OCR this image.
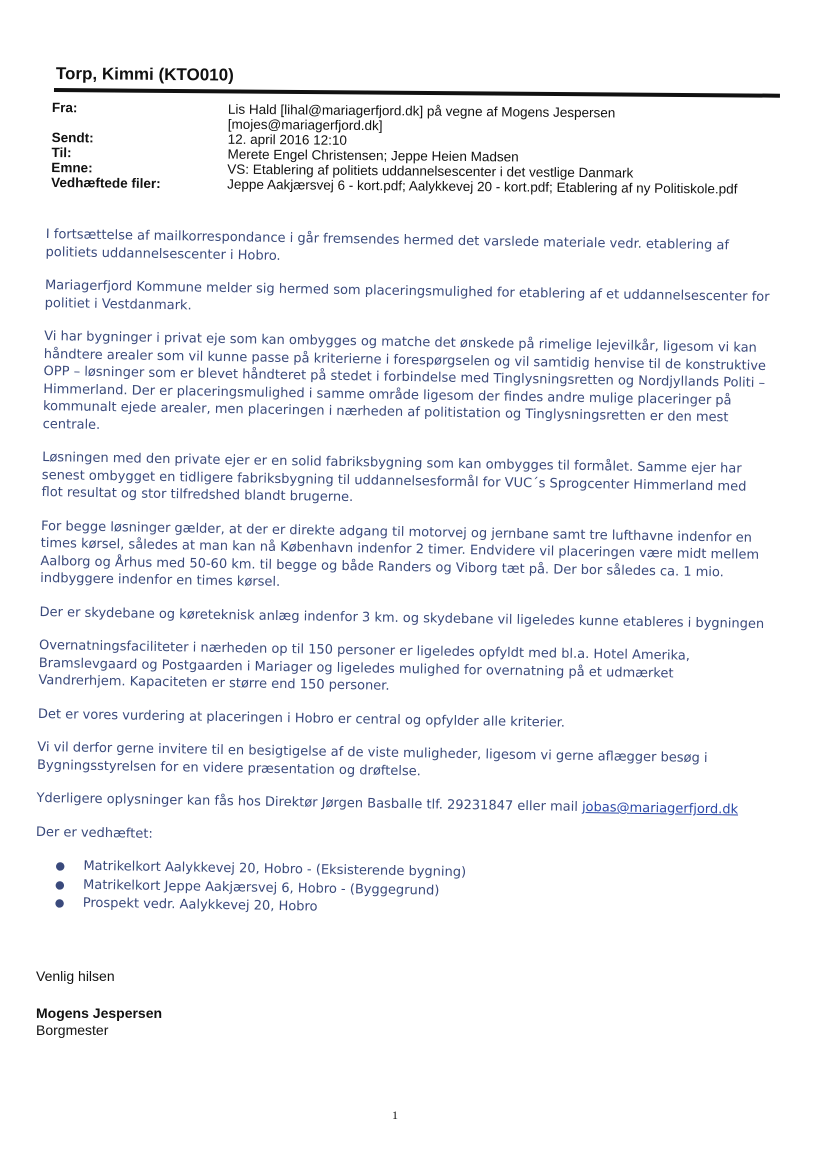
Torp, Kimmi (KTO010)
Fra:	Lis Hald [lihal@mariagerfjord.dk] på vegne af Mogens Jespersen
[mojes@mariagerfjord.dk]
Sendt:	12. april 2016 12:10
Til:	Merete Engel Christensen; Jeppe Heien Madsen
Emne:	VS: Etablering af politiets uddannelsescenter i det vestlige Danmark
Vedhæftede filer:	Jeppe Aakjærsvej 6 - kort.pdf; Aalykkevej 20 - kort.pdf; Etablering af ny Politiskole.pdf

I fortsættelse af mailkorrespondance i går fremsendes hermed det varslede materiale vedr. etablering af politiets uddannelsescenter i Hobro.

Mariagerfjord Kommune melder sig hermed som placeringsmulighed for etablering af et uddannelsescenter for politiet i Vestdanmark.

Vi har bygninger i privat eje som kan ombygges og matche det ønskede på rimelige lejevilkår, ligesom vi kan håndtere arealer som vil kunne passe på kriterierne i forespørgselen og vil samtidig henvise til de konstruktive OPP – løsninger som er blevet håndteret på stedet i forbindelse med Tinglysningsretten og Nordjyllands Politi – Himmerland. Der er placeringsmulighed i samme område ligesom der findes andre mulige placeringer på kommunalt ejede arealer, men placeringen i nærheden af politistation og Tinglysningsretten er den mest centrale.

Løsningen med den private ejer er en solid fabriksbygning som kan ombygges til formålet. Samme ejer har senest ombygget en tidligere fabriksbygning til uddannelsesformål for VUC´s Sprogcenter Himmerland med flot resultat og stor tilfredshed blandt brugerne.

For begge løsninger gælder, at der er direkte adgang til motorvej og jernbane samt tre lufthavne indenfor en times kørsel, således at man kan nå København indenfor 2 timer. Endvidere vil placeringen være midt mellem Aalborg og Århus med 50-60 km. til begge og både Randers og Viborg tæt på. Der bor således ca. 1 mio. indbyggere indenfor en times kørsel.

Der er skydebane og køreteknisk anlæg indenfor 3 km. og skydebane vil ligeledes kunne etableres i bygningen

Overnatningsfaciliteter i nærheden op til 150 personer er ligeledes opfyldt med bl.a. Hotel Amerika, Bramslevgaard og Postgaarden i Mariager og ligeledes mulighed for overnatning på et udmærket Vandrerhjem. Kapaciteten er større end 150 personer.

Det er vores vurdering at placeringen i Hobro er central og opfylder alle kriterier.

Vi vil derfor gerne invitere til en besigtigelse af de viste muligheder, ligesom vi gerne aflægger besøg i Bygningsstyrelsen for en videre præsentation og drøftelse.

Yderligere oplysninger kan fås hos Direktør Jørgen Basballe tlf. 29231847 eller mail jobas@mariagerfjord.dk

Der er vedhæftet:

●	Matrikelkort Aalykkevej 20, Hobro - (Eksisterende bygning)
●	Matrikelkort Jeppe Aakjærsvej 6, Hobro - (Byggegrund)
●	Prospekt vedr. Aalykkevej 20, Hobro
Venlig hilsen
Mogens Jespersen
Borgmester
1
